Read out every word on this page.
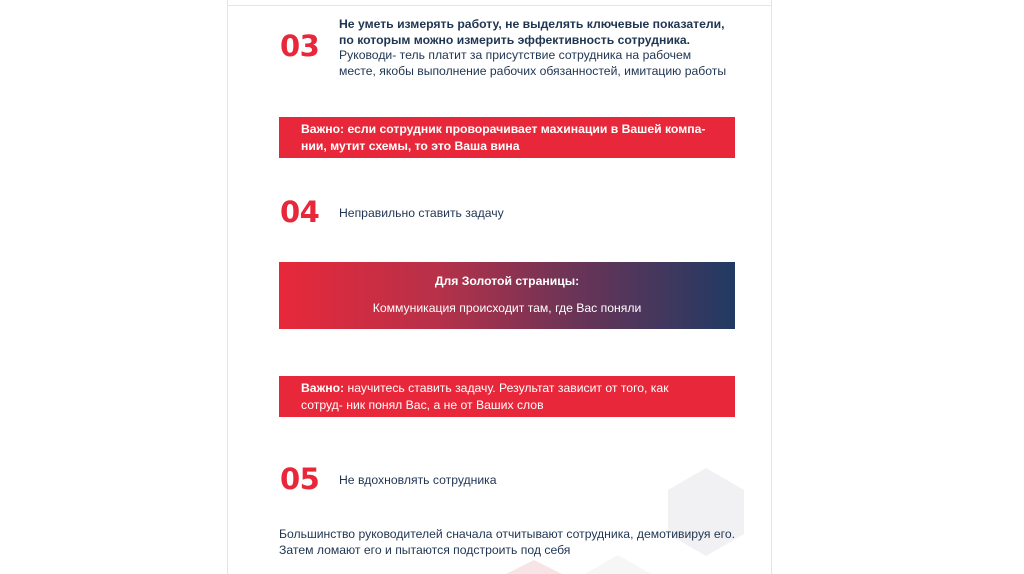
03
Не уметь измерять работу, не выделять ключевые показатели, по которым можно измерить эффективность сотрудника. Руководи- тель платит за присутствие сотрудника на рабочем месте, якобы выполнение рабочих обязанностей, имитацию работы
Важно: если сотрудник проворачивает махинации в Вашей компа- нии, мутит схемы, то это Ваша вина
04 Неправильно ставить задачу
Для Золотой страницы:
Коммуникация происходит там, где Вас поняли
Важно: научитесь ставить задачу. Результат зависит от того, как сотруд- ник понял Вас, а не от Ваших слов
05 Не вдохновлять сотрудника
Большинство руководителей сначала отчитывают сотрудника, демотивируя его. Затем ломают его и пытаются подстроить под себя
